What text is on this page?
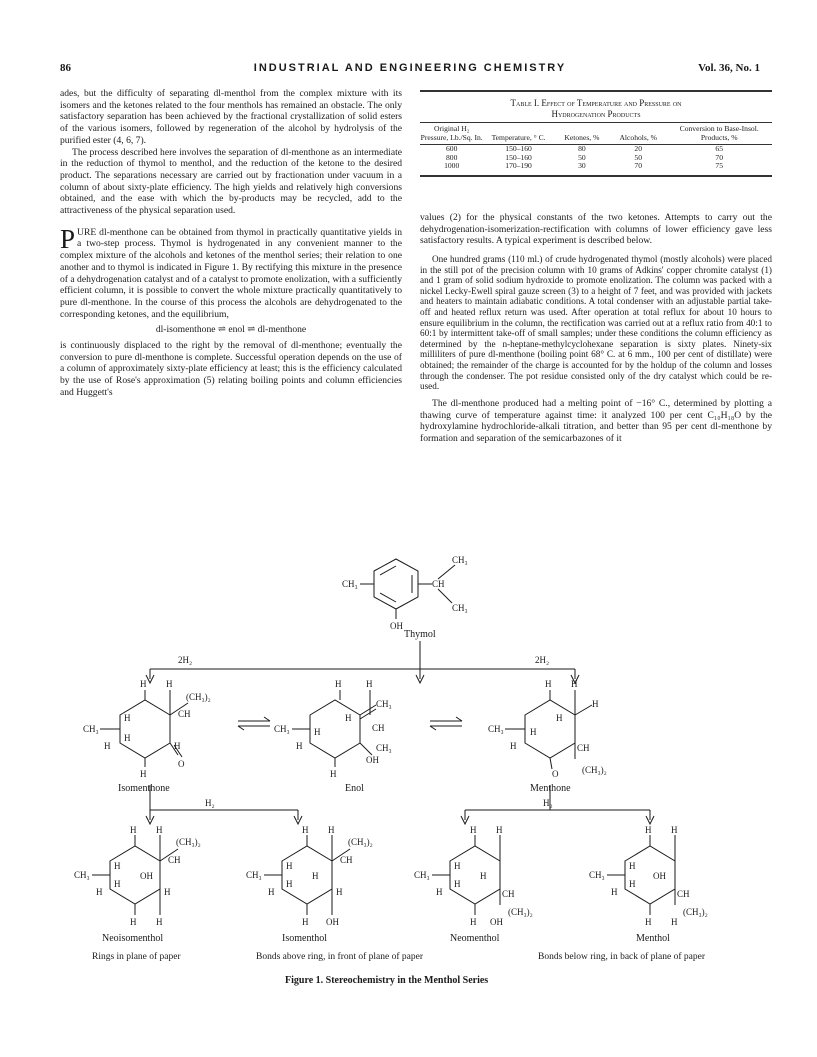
86	INDUSTRIAL AND ENGINEERING CHEMISTRY	Vol. 36, No. 1

ades, but the difficulty of separating dl-menthol from the complex mixture with its isomers and the ketones related to the four menthols has remained an obstacle. The only satisfactory separation has been achieved by the fractional crystallization of solid esters of the various isomers, followed by regeneration of the alcohol by hydrolysis of the purified ester (4, 6, 7).

The process described here involves the separation of dl-menthone as an intermediate in the reduction of thymol to menthol, and the reduction of the ketone to the desired product. The separations necessary are carried out by fractionation under vacuum in a column of about sixty-plate efficiency. The high yields and relatively high conversions obtained, and the ease with which the by-products may be recycled, add to the attractiveness of the physical separation used.

PURE dl-menthone can be obtained from thymol in practically quantitative yields in a two-step process. Thymol is hydrogenated in any convenient manner to the complex mixture of the alcohols and ketones of the menthol series; their relation to one another and to thymol is indicated in Figure 1. By rectifying this mixture in the presence of a dehydrogenation catalyst and of a catalyst to promote enolization, with a sufficiently efficient column, it is possible to convert the whole mixture practically quantitatively to pure dl-menthone. In the course of this process the alcohols are dehydrogenated to the corresponding ketones, and the equilibrium,

dl-isomenthone ⇌ enol ⇌ dl-menthone

is continuously displaced to the right by the removal of dl-menthone; eventually the conversion to pure dl-menthone is complete. Successful operation depends on the use of a column of approximately sixty-plate efficiency at least; this is the efficiency calculated by the use of Rose's approximation (5) relating boiling points and column efficiencies and Huggett's

Table I. Effect of Temperature and Pressure on
Hydrogenation Products
Original H₂ Pressure, Lb./Sq. In.	Temperature, ° C.	Ketones, %	Alcohols, %	Conversion to Base-Insol. Products, %
600	150–160	80	20	65
800	150–160	50	50	70
1000	170–190	30	70	75

values (2) for the physical constants of the two ketones. Attempts to carry out the dehydrogenation-isomerization-rectification with columns of lower efficiency gave less satisfactory results. A typical experiment is described below.

One hundred grams (110 ml.) of crude hydrogenated thymol (mostly alcohols) were placed in the still pot of the precision column with 10 grams of Adkins' copper chromite catalyst (1) and 1 gram of solid sodium hydroxide to promote enolization. The column was packed with a nickel Lecky-Ewell spiral gauze screen (3) to a height of 7 feet, and was provided with jackets and heaters to maintain adiabatic conditions. A total condenser with an adjustable partial take-off and heated reflux return was used. After operation at total reflux for about 10 hours to ensure equilibrium in the column, the rectification was carried out at a reflux ratio from 40:1 to 60:1 by intermittent take-off of small samples; under these conditions the column efficiency as determined by the n-heptane-methylcyclohexane separation is sixty plates. Ninety-six milliliters of pure dl-menthone (boiling point 68° C. at 6 mm., 100 per cent of distillate) were obtained; the remainder of the charge is accounted for by the holdup of the column and losses through the condenser. The pot residue consisted only of the dry catalyst which could be re-used.

The dl-menthone produced had a melting point of −16° C., determined by plotting a thawing curve of temperature against time: it analyzed 100 per cent C₁₀H₁₈O by the hydroxylamine hydrochloride-alkali titration, and better than 95 per cent dl-menthone by formation and separation of the semicarbazones of it

CH₃	CH
CH₃
CH₃
OH
Thymol
2H₂	2H₂
H H
(CH₃)₂
CH
CH₃
H
H
H	H
H
O
Isomenthone
H	H
CH₃
CH
CH₃
CH₃	H
H
H
H
OH
Enol
H H
H
CH₃	H
H
H	CH
(CH₃)₂
O
Menthone
H₂	H₂
H H
(CH₃)₂
CH
CH₃
H
H
OH
H	H
H H
Neoisomenthol
H H
(CH₃)₂
CH
CH₃
H
H
H
H	H
H OH
Isomenthol
H H
CH₃
H
H
H
H	CH
(CH₃)₂
H OH
Neomenthol
H H
CH₃
H
H
OH
H	CH
(CH₃)₂
H H
Menthol
Rings in plane of paper	Bonds above ring, in front of plane of paper	Bonds below ring, in back of plane of paper
Figure 1. Stereochemistry in the Menthol Series
